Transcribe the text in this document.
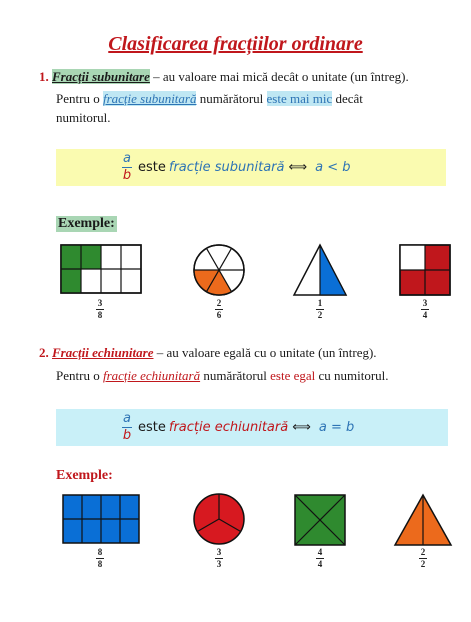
Clasificarea fracțiilor ordinare
1. Fracții subunitare – au valoare mai mică decât o unitate (un întreg).
Pentru o fracție subunitară numărătorul este mai mic decât
numitorul.
$\frac{a}{b}$ este fracție subunitară ⟺ a < b
Exemple:
3
8
2
6
1
2
3
4
2. Fracții echiunitare – au valoare egală cu o unitate (un întreg).
Pentru o fracție echiunitară numărătorul este egal cu numitorul.
$\frac{a}{b}$ este fracție echiunitară ⟺ a = b
Exemple:
8
8
3
3
4
4
2
2
